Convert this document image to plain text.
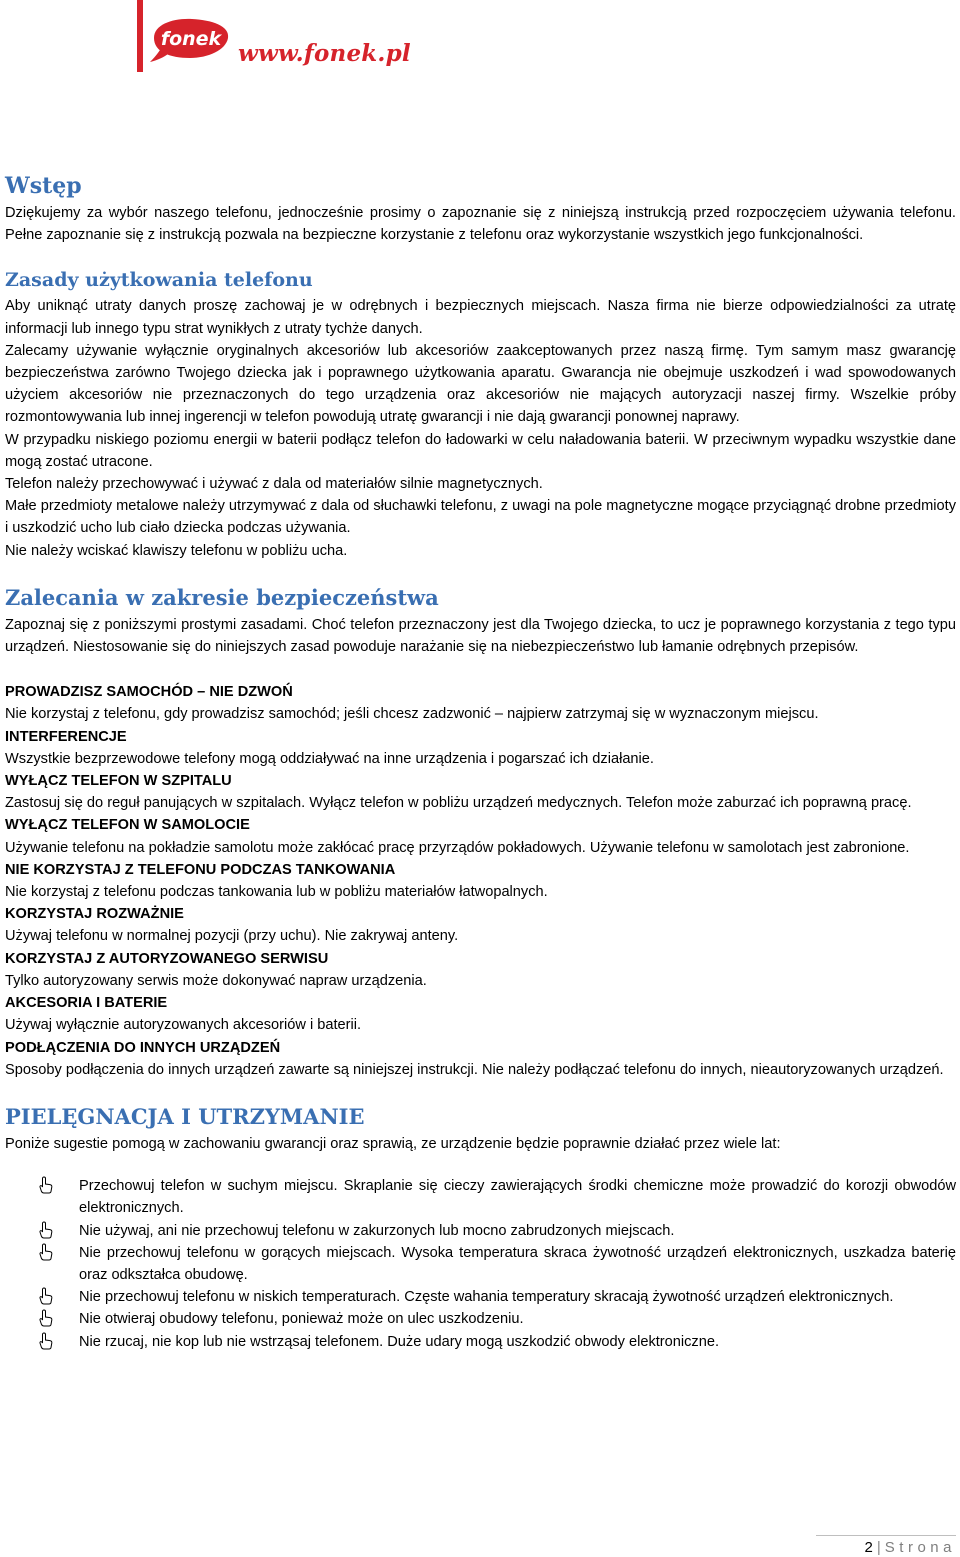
fonek
www.fonek.pl
Wstęp

Dziękujemy za wybór naszego telefonu, jednocześnie prosimy o zapoznanie się z niniejszą instrukcją przed rozpoczęciem używania telefonu. Pełne zapoznanie się z instrukcją pozwala na bezpieczne korzystanie z telefonu oraz wykorzystanie wszystkich jego funkcjonalności.

Zasady użytkowania telefonu

Aby uniknąć utraty danych proszę zachowaj je w odrębnych i bezpiecznych miejscach. Nasza firma nie bierze odpowiedzialności za utratę informacji lub innego typu strat wynikłych z utraty tychże danych.

Zalecamy używanie wyłącznie oryginalnych akcesoriów lub akcesoriów zaakceptowanych przez naszą firmę. Tym samym masz gwarancję bezpieczeństwa zarówno Twojego dziecka jak i poprawnego użytkowania aparatu. Gwarancja nie obejmuje uszkodzeń i wad spowodowanych użyciem akcesoriów nie przeznaczonych do tego urządzenia oraz akcesoriów nie mających autoryzacji naszej firmy. Wszelkie próby rozmontowywania lub innej ingerencji w telefon powodują utratę gwarancji i nie dają gwarancji ponownej naprawy.

W przypadku niskiego poziomu energii w baterii podłącz telefon do ładowarki w celu naładowania baterii. W przeciwnym wypadku wszystkie dane mogą zostać utracone.

Telefon należy przechowywać i używać z dala od materiałów silnie magnetycznych.

Małe przedmioty metalowe należy utrzymywać z dala od słuchawki telefonu, z uwagi na pole magnetyczne mogące przyciągnąć drobne przedmioty i uszkodzić ucho lub ciało dziecka podczas używania.

Nie należy wciskać klawiszy telefonu w pobliżu ucha.

Zalecania w zakresie bezpieczeństwa

Zapoznaj się z poniższymi prostymi zasadami. Choć telefon przeznaczony jest dla Twojego dziecka, to ucz je poprawnego korzystania z tego typu urządzeń. Niestosowanie się do niniejszych zasad powoduje narażanie się na niebezpieczeństwo lub łamanie odrębnych przepisów.

PROWADZISZ SAMOCHÓD – NIE DZWOŃ

Nie korzystaj z telefonu, gdy prowadzisz samochód; jeśli chcesz zadzwonić – najpierw zatrzymaj się w wyznaczonym miejscu.

INTERFERENCJE

Wszystkie bezprzewodowe telefony mogą oddziaływać na inne urządzenia i pogarszać ich działanie.

WYŁĄCZ TELEFON W SZPITALU

Zastosuj się do reguł panujących w szpitalach. Wyłącz telefon w pobliżu urządzeń medycznych. Telefon może zaburzać ich poprawną pracę.

WYŁĄCZ TELEFON W SAMOLOCIE

Używanie telefonu na pokładzie samolotu może zakłócać pracę przyrządów pokładowych. Używanie telefonu w samolotach jest zabronione.

NIE KORZYSTAJ Z TELEFONU PODCZAS TANKOWANIA

Nie korzystaj z telefonu podczas tankowania lub w pobliżu materiałów łatwopalnych.

KORZYSTAJ ROZWAŻNIE

Używaj telefonu w normalnej pozycji (przy uchu). Nie zakrywaj anteny.

KORZYSTAJ Z AUTORYZOWANEGO SERWISU

Tylko autoryzowany serwis może dokonywać napraw urządzenia.

AKCESORIA I BATERIE

Używaj wyłącznie autoryzowanych akcesoriów i baterii.

PODŁĄCZENIA DO INNYCH URZĄDZEŃ

Sposoby podłączenia do innych urządzeń zawarte są niniejszej instrukcji. Nie należy podłączać telefonu do innych, nieautoryzowanych urządzeń.

PIELĘGNACJA I UTRZYMANIE

Poniże sugestie pomogą w zachowaniu gwarancji oraz sprawią, ze urządzenie będzie poprawnie działać przez wiele lat:

Przechowuj telefon w suchym miejscu. Skraplanie się cieczy zawierających środki chemiczne może prowadzić do korozji obwodów elektronicznych.
Nie używaj, ani nie przechowuj telefonu w zakurzonych lub mocno zabrudzonych miejscach.
Nie przechowuj telefonu w gorących miejscach. Wysoka temperatura skraca żywotność urządzeń elektronicznych, uszkadza baterię oraz odkształca obudowę.
Nie przechowuj telefonu w niskich temperaturach. Częste wahania temperatury skracają żywotność urządzeń elektronicznych.
Nie otwieraj obudowy telefonu, ponieważ może on ulec uszkodzeniu.
Nie rzucaj, nie kop lub nie wstrząsaj telefonem. Duże udary mogą uszkodzić obwody elektroniczne.
2 | Strona
